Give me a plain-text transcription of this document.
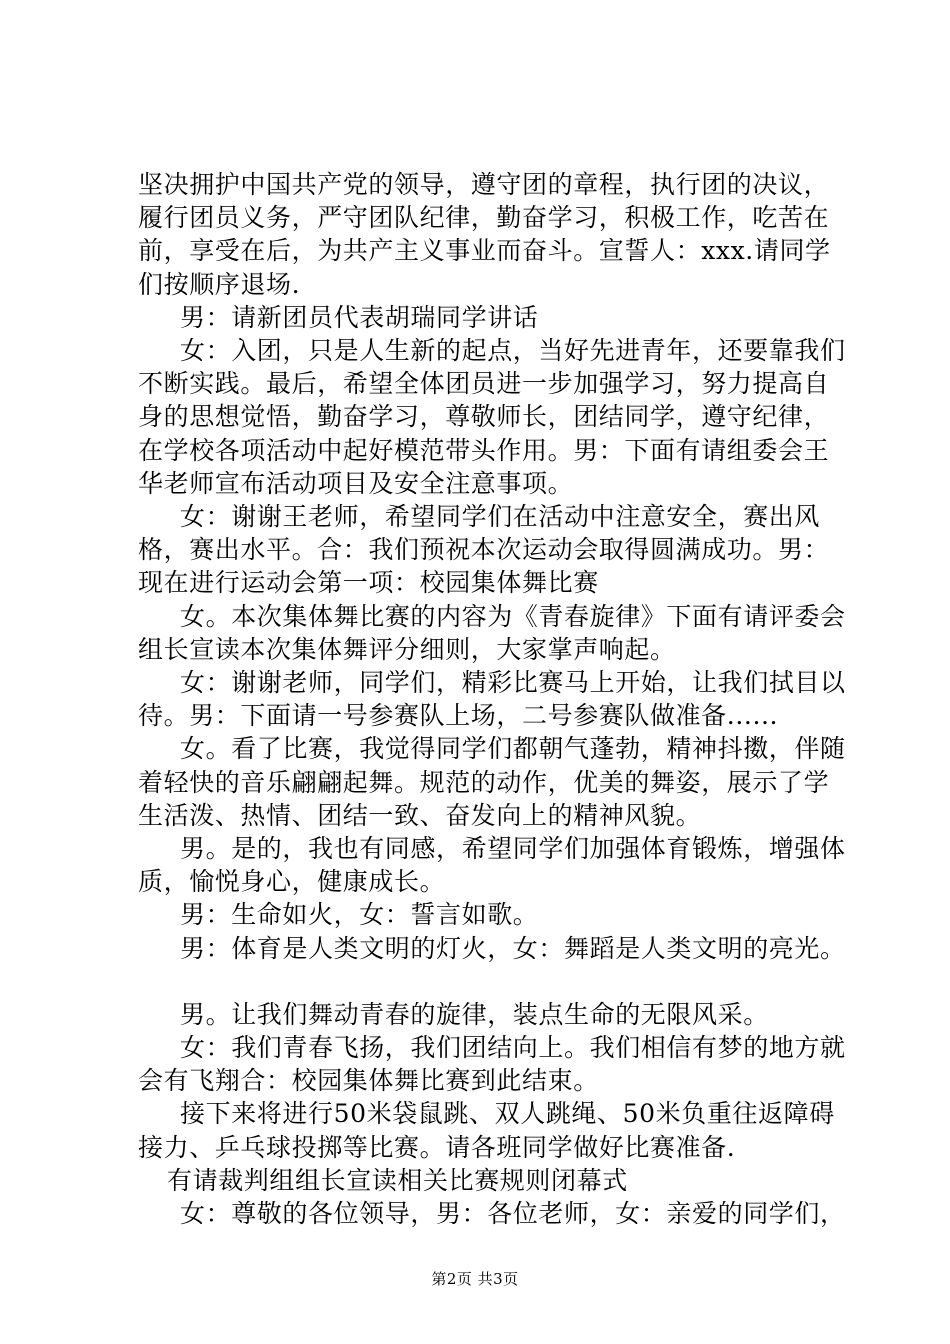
坚决拥护中国共产党的领导，遵守团的章程，执行团的决议，履行团员义务，严守团队纪律，勤奋学习，积极工作，吃苦在前，享受在后，为共产主义事业而奋斗。宣誓人：xxx.请同学们按顺序退场.

男：请新团员代表胡瑞同学讲话

女：入团，只是人生新的起点，当好先进青年，还要靠我们不断实践。最后，希望全体团员进一步加强学习，努力提高自身的思想觉悟，勤奋学习，尊敬师长，团结同学，遵守纪律，在学校各项活动中起好模范带头作用。男：下面有请组委会王华老师宣布活动项目及安全注意事项。

女：谢谢王老师，希望同学们在活动中注意安全，赛出风格，赛出水平。合：我们预祝本次运动会取得圆满成功。男：现在进行运动会第一项：校园集体舞比赛

女。本次集体舞比赛的内容为《青春旋律》下面有请评委会组长宣读本次集体舞评分细则，大家掌声响起。

女：谢谢老师，同学们，精彩比赛马上开始，让我们拭目以待。男：下面请一号参赛队上场，二号参赛队做准备......

女。看了比赛，我觉得同学们都朝气蓬勃，精神抖擞，伴随着轻快的音乐翩翩起舞。规范的动作，优美的舞姿，展示了学生活泼、热情、团结一致、奋发向上的精神风貌。

男。是的，我也有同感，希望同学们加强体育锻炼，增强体质，愉悦身心，健康成长。

男：生命如火，女：誓言如歌。

男：体育是人类文明的灯火，女：舞蹈是人类文明的亮光。

男。让我们舞动青春的旋律，装点生命的无限风采。

女：我们青春飞扬，我们团结向上。我们相信有梦的地方就会有飞翔合：校园集体舞比赛到此结束。

接下来将进行50米袋鼠跳、双人跳绳、50米负重往返障碍接力、乒乓球投掷等比赛。请各班同学做好比赛准备.

有请裁判组组长宣读相关比赛规则闭幕式

女：尊敬的各位领导，男：各位老师，女：亲爱的同学们，

第2页 共3页
